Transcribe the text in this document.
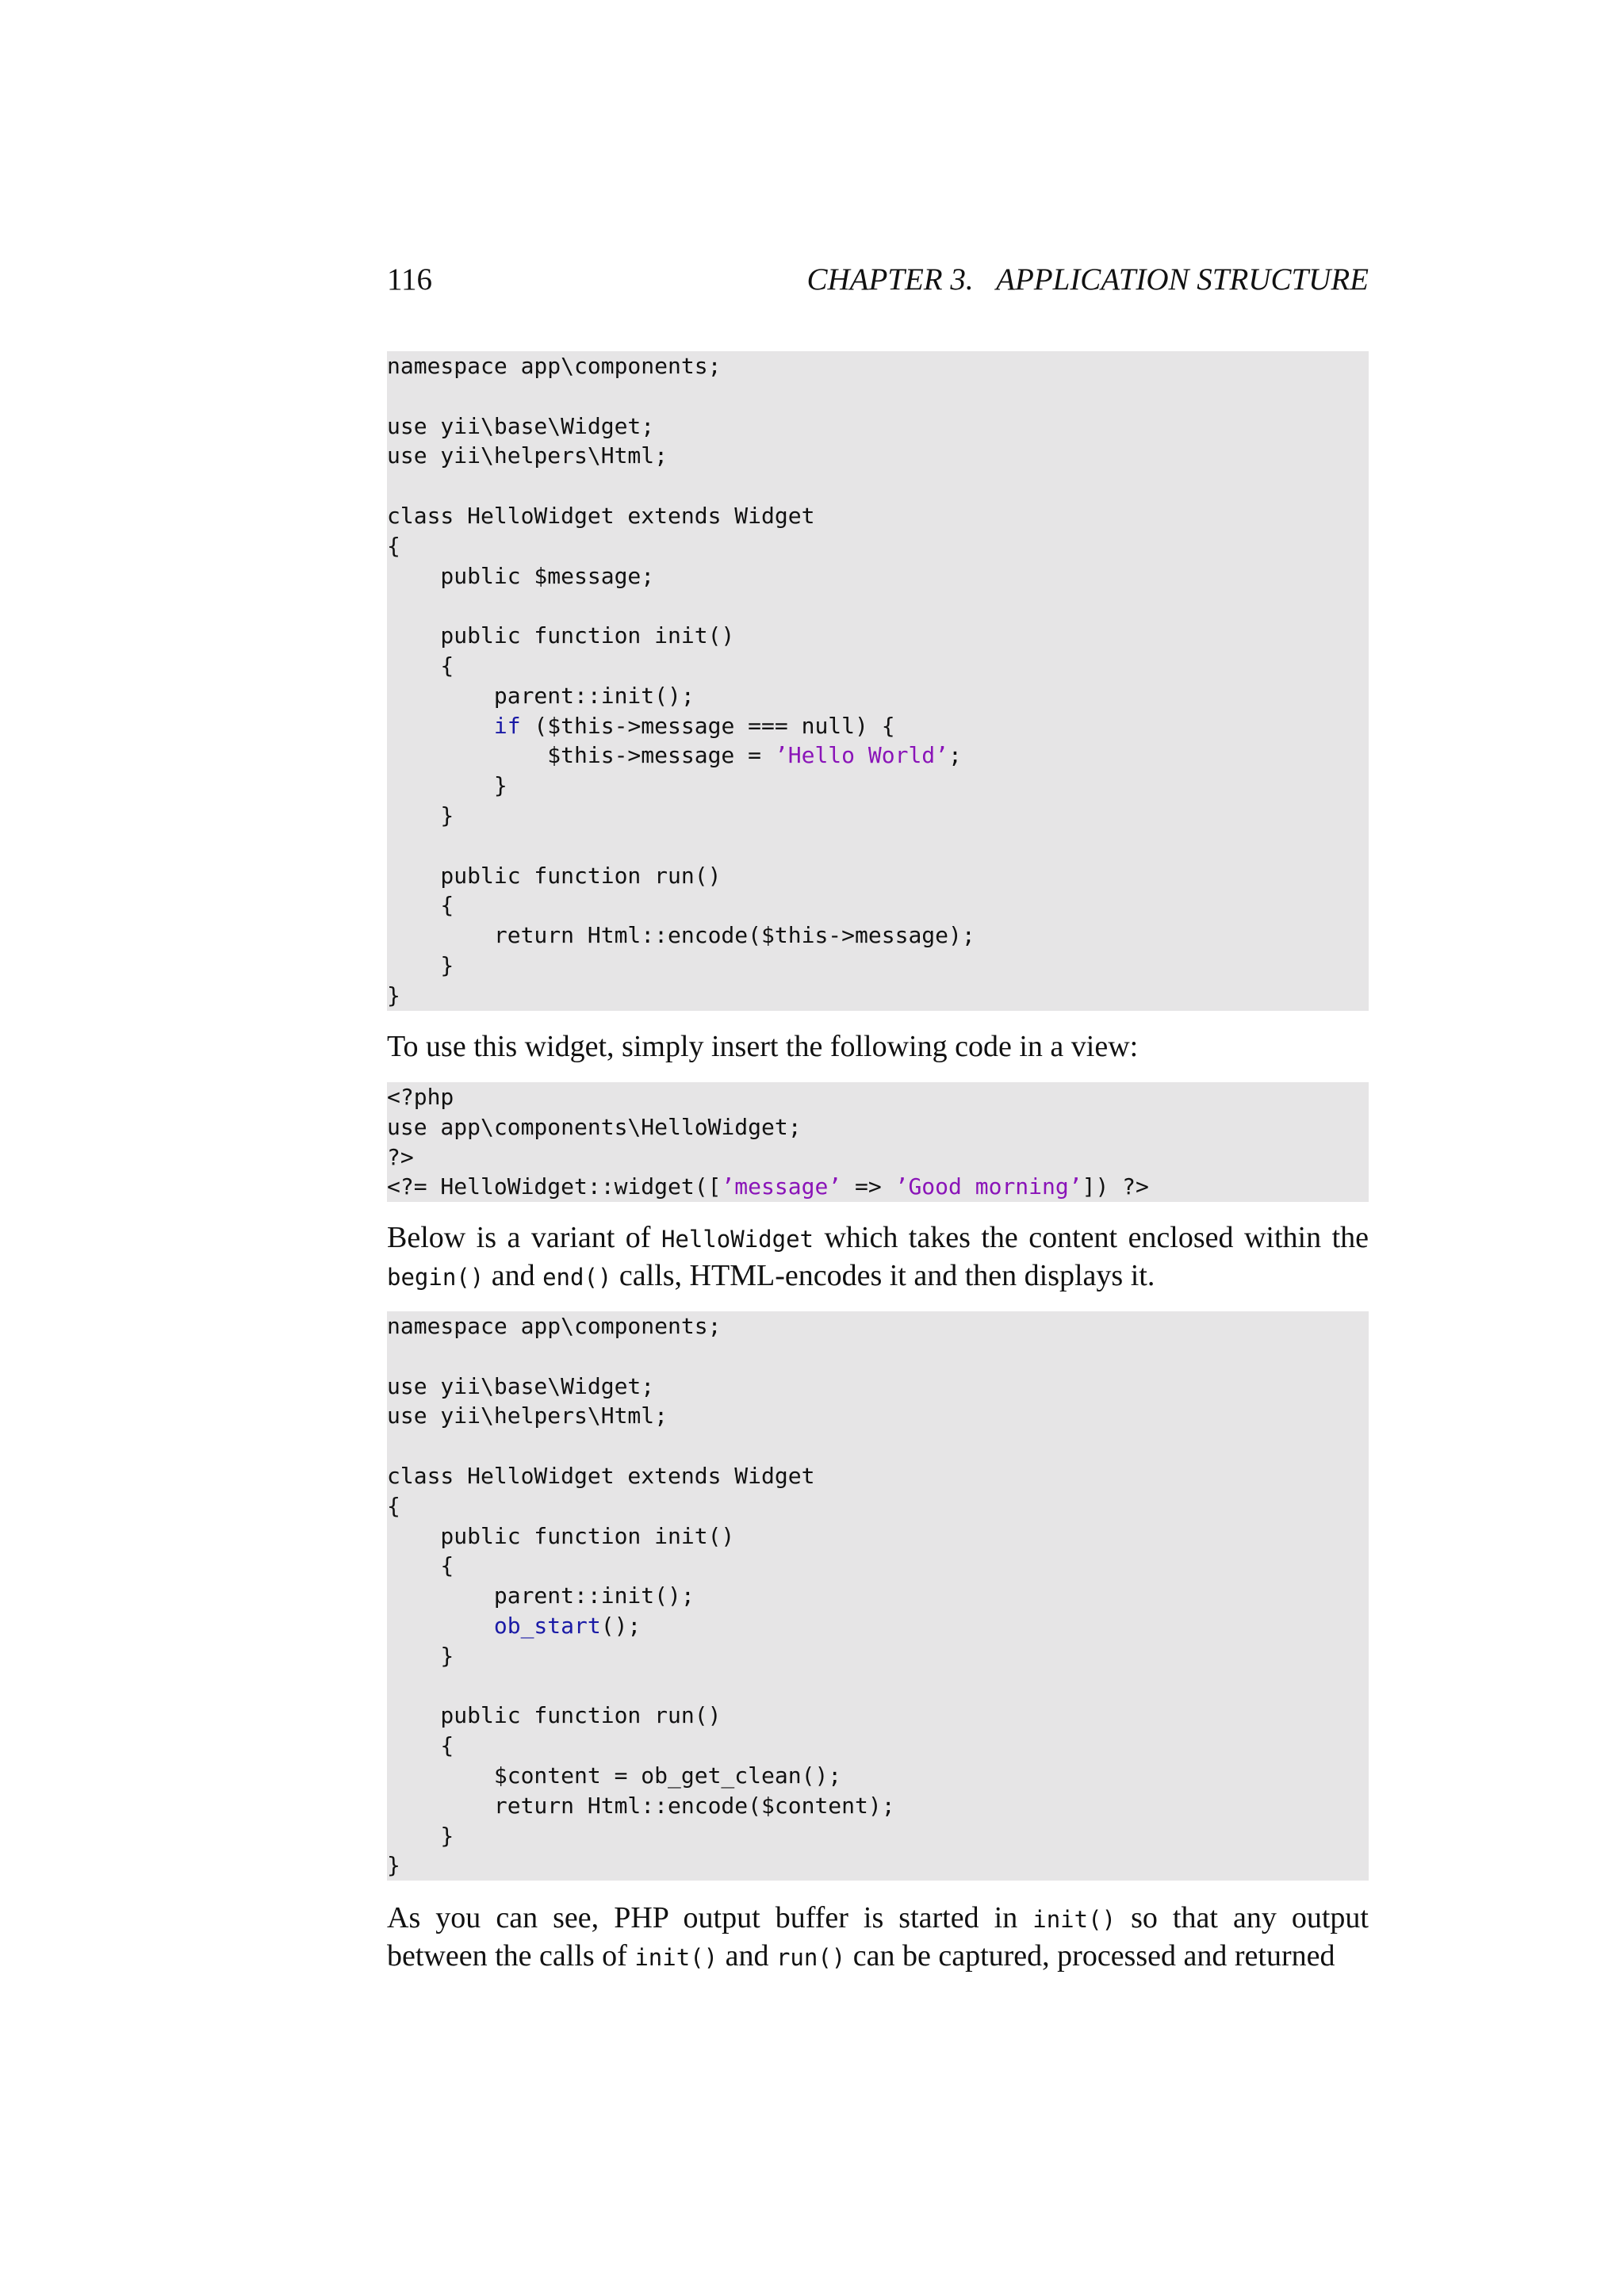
116	CHAPTER 3.   APPLICATION STRUCTURE
namespace app\components;
use yii\base\Widget;
use yii\helpers\Html;
class HelloWidget extends Widget
{
public $message;
public function init()
{
parent::init();
if ($this->message === null) {
$this->message = ’Hello World’;
}
}
public function run()
{
return Html::encode($this->message);
}
}
To use this widget, simply insert the following code in a view:
<?php
use app\components\HelloWidget;
?>
<?= HelloWidget::widget([’message’ => ’Good morning’]) ?>
Below is a variant of HelloWidget which takes the content enclosed within the begin() and end() calls, HTML-encodes it and then displays it.
namespace app\components;
use yii\base\Widget;
use yii\helpers\Html;
class HelloWidget extends Widget
{
public function init()
{
parent::init();
ob_start();
}
public function run()
{
$content = ob_get_clean();
return Html::encode($content);
}
}
As you can see, PHP output buffer is started in init() so that any output between the calls of init() and run() can be captured, processed and returned
